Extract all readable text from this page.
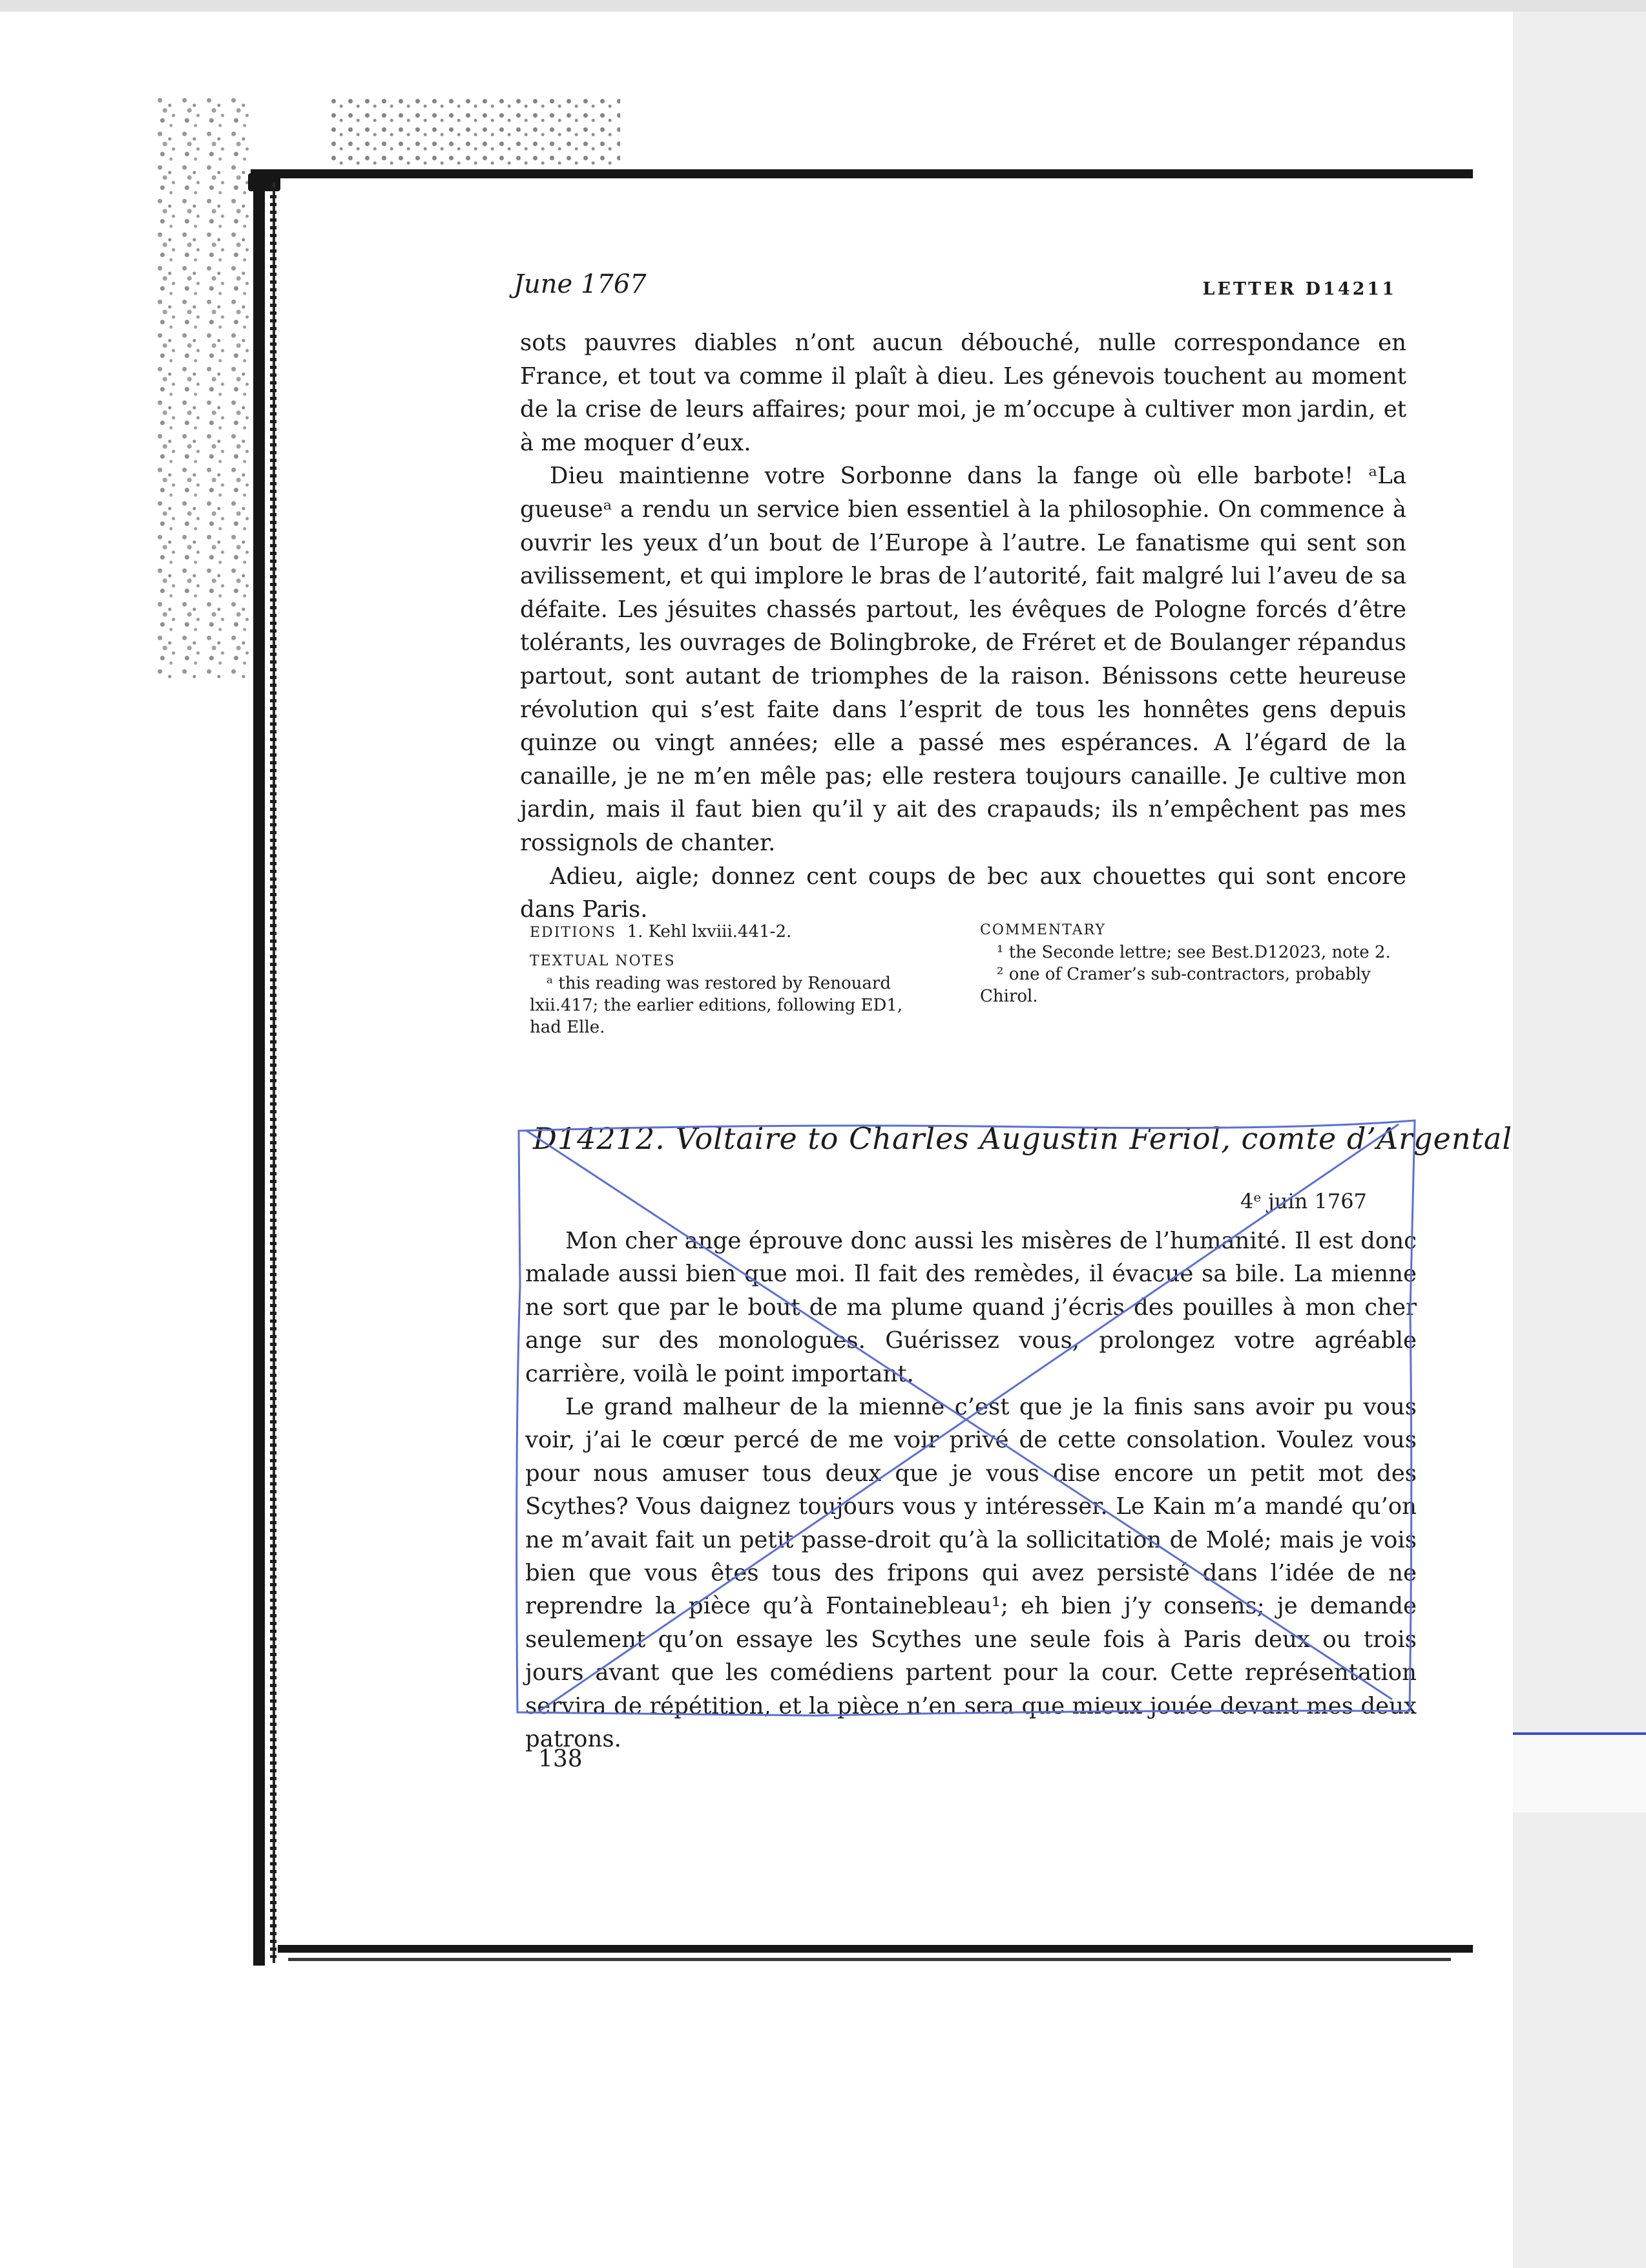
June 1767	LETTER D14211

sots pauvres diables n’ont aucun débouché, nulle correspondance en France, et tout va comme il plaît à dieu. Les génevois touchent au moment de la crise de leurs affaires; pour moi, je m’occupe à cultiver mon jardin, et à me moquer d’eux.

Dieu maintienne votre Sorbonne dans la fange où elle barbote! ᵃLa gueuseᵃ a rendu un service bien essentiel à la philosophie. On commence à ouvrir les yeux d’un bout de l’Europe à l’autre. Le fanatisme qui sent son avilissement, et qui implore le bras de l’autorité, fait malgré lui l’aveu de sa défaite. Les jésuites chassés partout, les évêques de Pologne forcés d’être tolérants, les ouvrages de Bolingbroke, de Fréret et de Boulanger répandus partout, sont autant de triomphes de la raison. Bénissons cette heureuse révolution qui s’est faite dans l’esprit de tous les honnêtes gens depuis quinze ou vingt années; elle a passé mes espérances. A l’égard de la canaille, je ne m’en mêle pas; elle restera toujours canaille. Je cultive mon jardin, mais il faut bien qu’il y ait des crapauds; ils n’empêchent pas mes rossignols de chanter.

Adieu, aigle; donnez cent coups de bec aux chouettes qui sont encore dans Paris.

EDITIONS 1. Kehl lxviii.441-2.
TEXTUAL NOTES

ᵃ this reading was restored by Renouard lxii.417; the earlier editions, following ED1, had Elle.

COMMENTARY

¹ the Seconde lettre; see Best.D12023, note 2.

² one of Cramer’s sub-contractors, probably Chirol.

D14212. Voltaire to Charles Augustin Feriol, comte d’Argental
4ᵉ juin 1767

Mon cher ange éprouve donc aussi les misères de l’humanité. Il est donc malade aussi bien que moi. Il fait des remèdes, il évacue sa bile. La mienne ne sort que par le bout de ma plume quand j’écris des pouilles à mon cher ange sur des monologues. Guérissez vous, prolongez votre agréable carrière, voilà le point important.

Le grand malheur de la mienne c’est que je la finis sans avoir pu vous voir, j’ai le cœur percé de me voir privé de cette consolation. Voulez vous pour nous amuser tous deux que je vous dise encore un petit mot des Scythes? Vous daignez toujours vous y intéresser. Le Kain m’a mandé qu’on ne m’avait fait un petit passe-droit qu’à la sollicitation de Molé; mais je vois bien que vous êtes tous des fripons qui avez persisté dans l’idée de ne reprendre la pièce qu’à Fontainebleau¹; eh bien j’y consens; je demande seulement qu’on essaye les Scythes une seule fois à Paris deux ou trois jours avant que les comédiens partent pour la cour. Cette représentation servira de répétition, et la pièce n’en sera que mieux jouée devant mes deux patrons.

138
